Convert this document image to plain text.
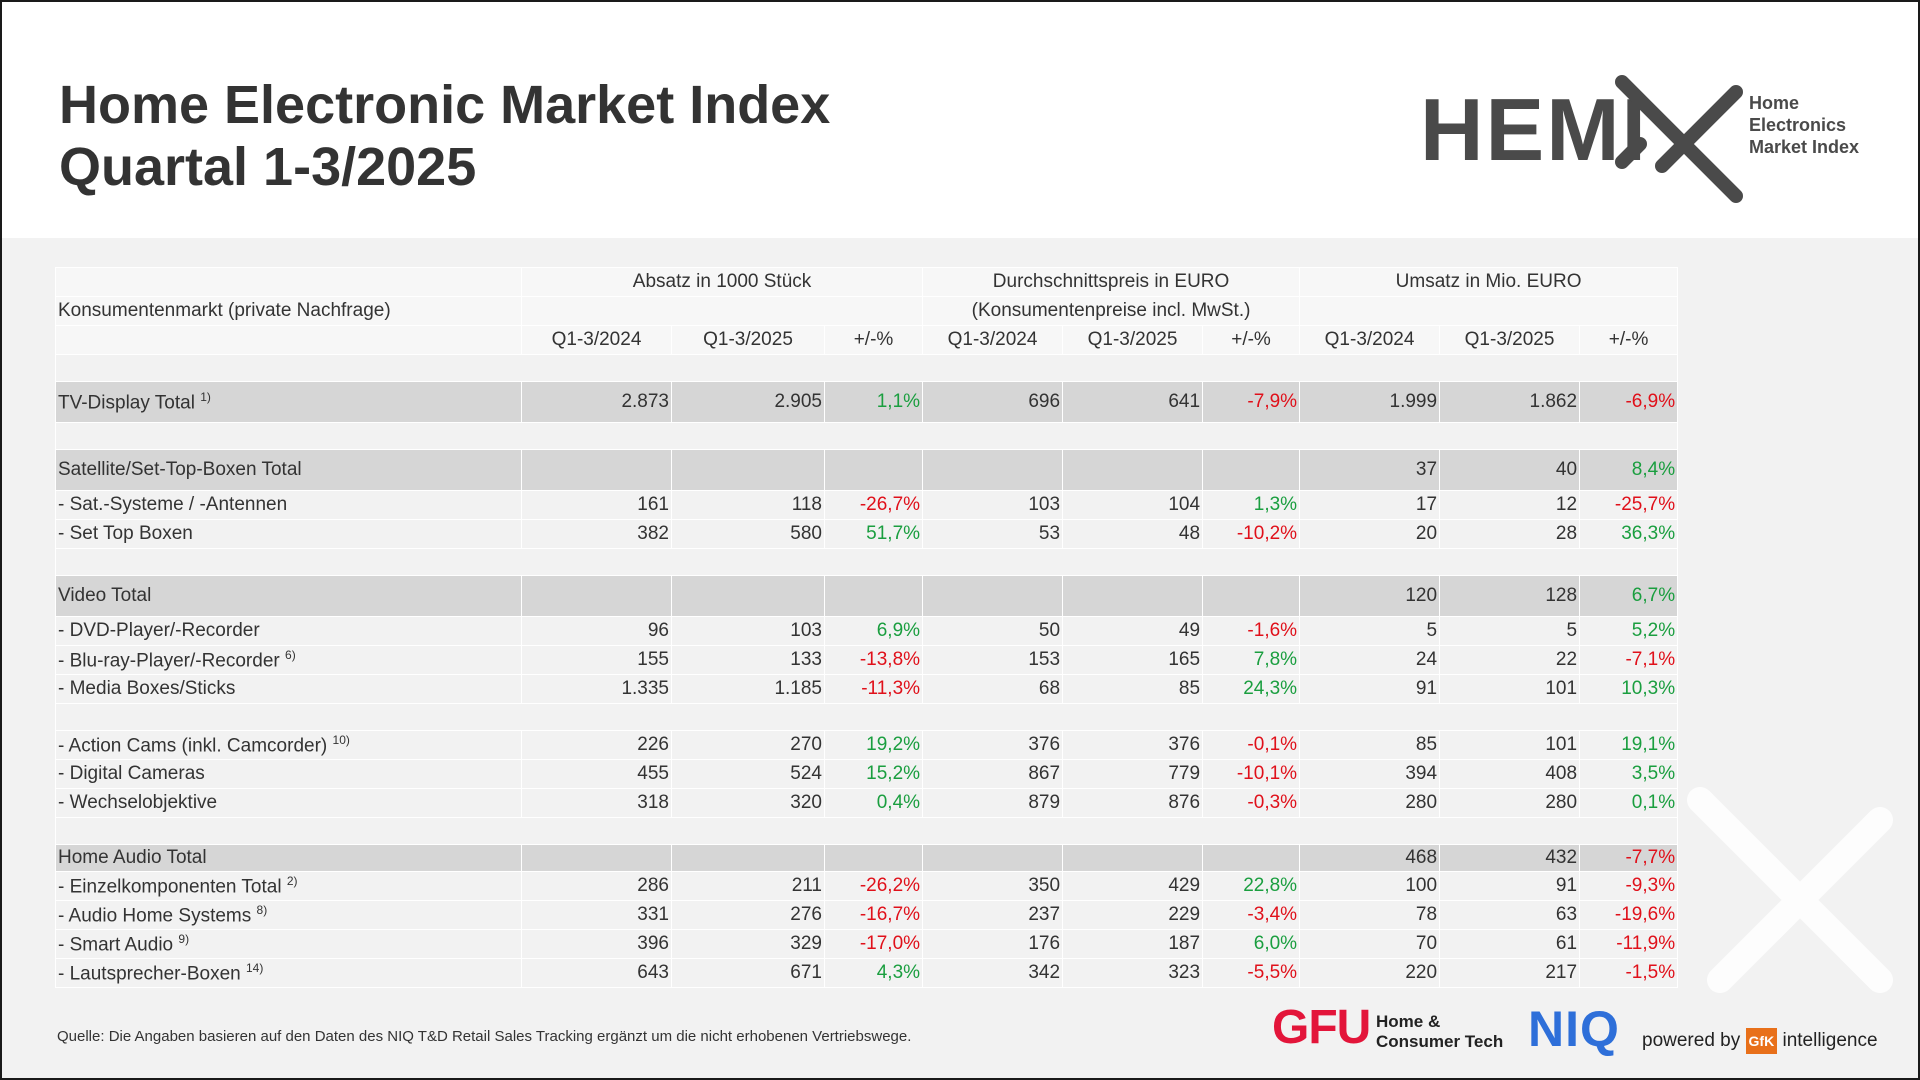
Home Electronic Market Index
Quartal 1-3/2025	HEMI	Home
Electronics
Market Index
	Absatz in 1000 Stück			Durchschnittspreis in EURO			Umsatz in Mio. EURO		
Konsumentenmarkt (private Nachfrage)				(Konsumentenpreise incl. MwSt.)					
	Q1-3/2024	Q1-3/2025	+/-%	Q1-3/2024	Q1-3/2025	+/-%	Q1-3/2024	Q1-3/2025	+/-%

TV-Display Total $^{1)}$	2.873	2.905	1,1%	696	641	-7,9%	1.999	1.862	-6,9%

Satellite/Set-Top-Boxen Total							37	40	8,4%
- Sat.-Systeme / -Antennen	161	118	-26,7%	103	104	1,3%	17	12	-25,7%
- Set Top Boxen	382	580	51,7%	53	48	-10,2%	20	28	36,3%

Video Total							120	128	6,7%
- DVD-Player/-Recorder	96	103	6,9%	50	49	-1,6%	5	5	5,2%
- Blu-ray-Player/-Recorder $^{6)}$	155	133	-13,8%	153	165	7,8%	24	22	-7,1%
- Media Boxes/Sticks	1.335	1.185	-11,3%	68	85	24,3%	91	101	10,3%

- Action Cams (inkl. Camcorder) $^{10)}$	226	270	19,2%	376	376	-0,1%	85	101	19,1%
- Digital Cameras	455	524	15,2%	867	779	-10,1%	394	408	3,5%
- Wechselobjektive	318	320	0,4%	879	876	-0,3%	280	280	0,1%

Home Audio Total							468	432	-7,7%
- Einzelkomponenten Total $^{2)}$	286	211	-26,2%	350	429	22,8%	100	91	-9,3%
- Audio Home Systems $^{8)}$	331	276	-16,7%	237	229	-3,4%	78	63	-19,6%
- Smart Audio $^{9)}$	396	329	-17,0%	176	187	6,0%	70	61	-11,9%
- Lautsprecher-Boxen $^{14)}$	643	671	4,3%	342	323	-5,5%	220	217	-1,5%
Quelle: Die Angaben basieren auf den Daten des NIQ T&D Retail Sales Tracking ergänzt um die nicht erhobenen Vertriebswege.	GFU Home &
Consumer Tech NIQ powered by GfK intelligence
